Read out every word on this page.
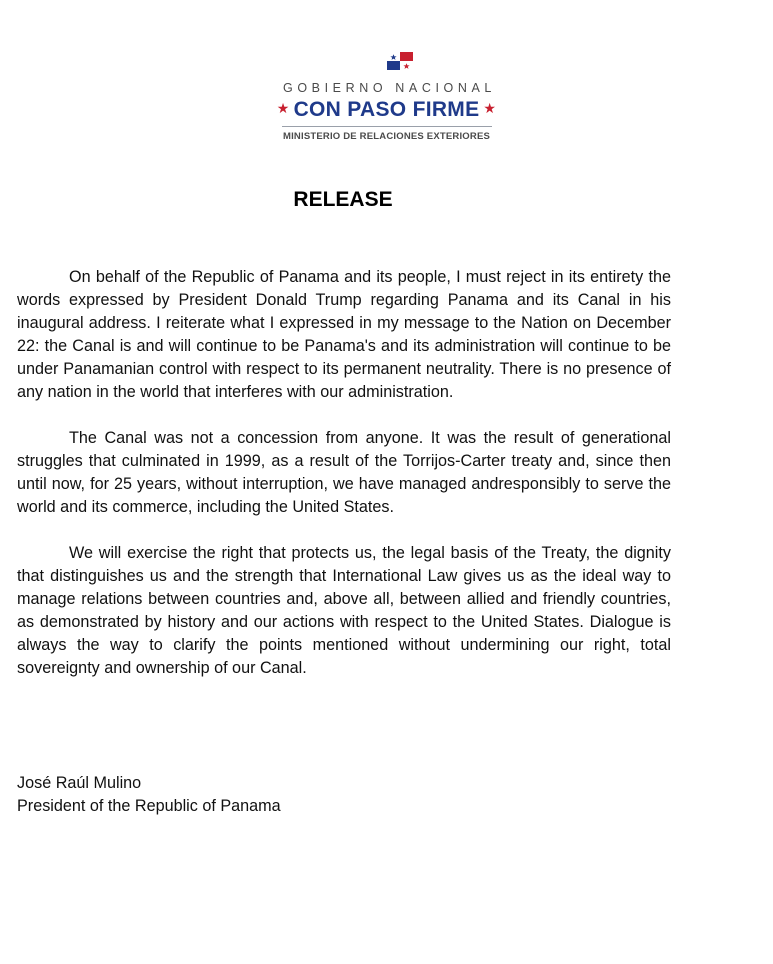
GOBIERNO NACIONAL
★ CON PASO FIRME ★
MINISTERIO DE RELACIONES EXTERIORES
RELEASE

On behalf of the Republic of Panama and its people, I must reject in its entirety the words expressed by President Donald Trump regarding Panama and its Canal in his inaugural address. I reiterate what I expressed in my message to the Nation on December 22: the Canal is and will continue to be Panama's and its administration will continue to be under Panamanian control with respect to its permanent neutrality. There is no presence of any nation in the world that interferes with our administration.

The Canal was not a concession from anyone. It was the result of generational struggles that culminated in 1999, as a result of the Torrijos-Carter treaty and, since then until now, for 25 years, without interruption, we have managed andresponsibly to serve the world and its commerce, including the United States.

We will exercise the right that protects us, the legal basis of the Treaty, the dignity that distinguishes us and the strength that International Law gives us as the ideal way to manage relations between countries and, above all, between allied and friendly countries, as demonstrated by history and our actions with respect to the United States. Dialogue is always the way to clarify the points mentioned without undermining our right, total sovereignty and ownership of our Canal.

José Raúl Mulino
President of the Republic of Panama
